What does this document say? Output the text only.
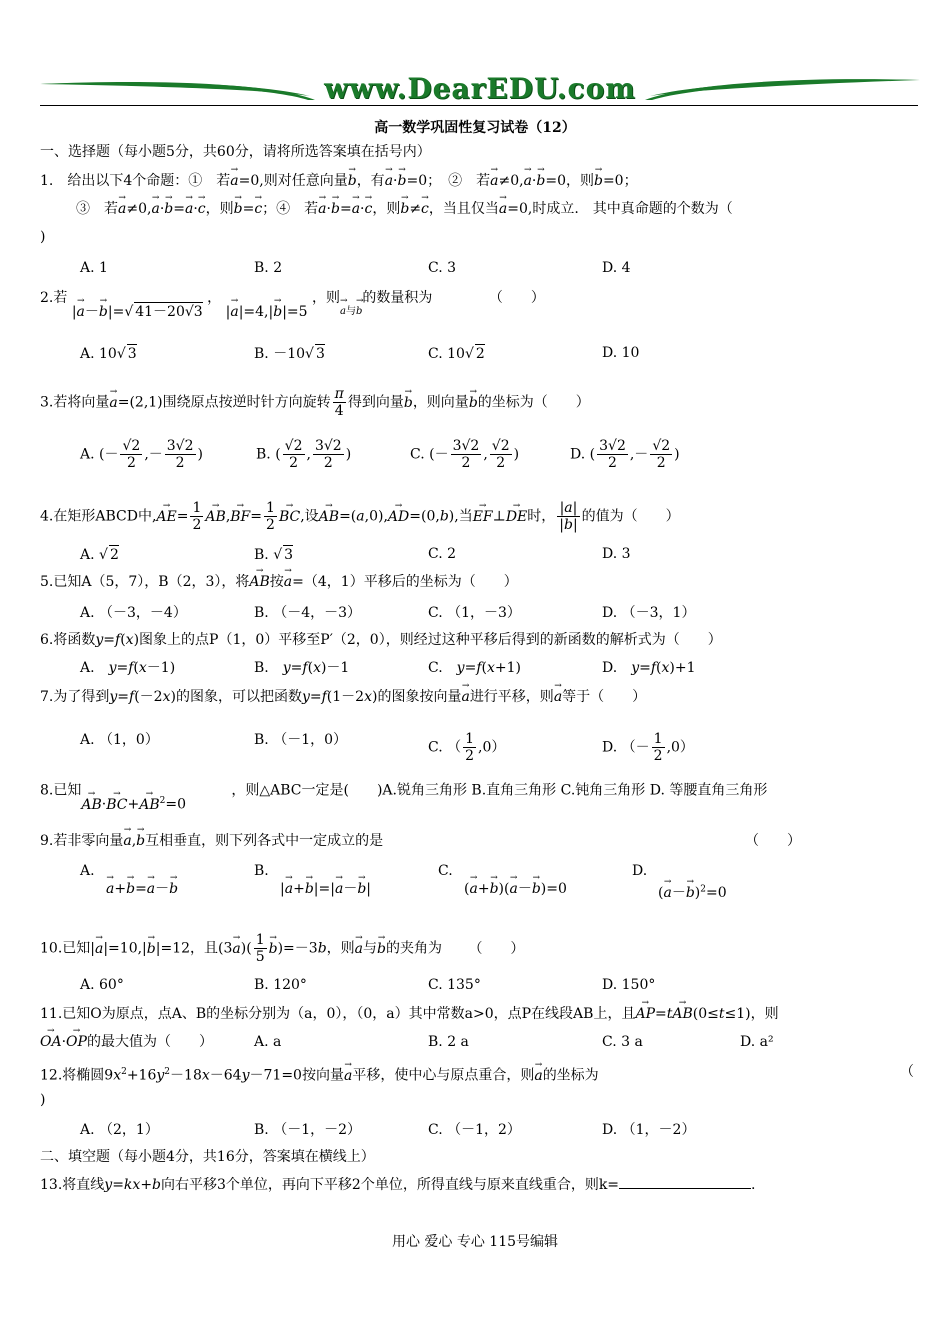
www.DearEDU.com
高一数学巩固性复习试卷（12）
一、选择题（每小题5分，共60分，请将所选答案填在括号内）
1.　给出以下4个命题：①　若→ a=0,则对任意向量→ b，有→ a·→ b=0；　②　若→ a≠0,→ a·→ b=0，则→ b=0；
③　若→ a≠0,→ a·→ b=→ a·→ c，则→ b=→ c；④　若→ a·→ b=→ a·→ c，则→ b≠→ c，当且仅当→ a=0,时成立.　其中真命题的个数为（
)
A. 1	B. 2	C. 3	D. 4
2.若 |→ a－→ b|=√ 41－20√3 ， |→ a|=4,|→ b|=5 ，则→ $_{a与\to b}$的数量积为	（　　）
A. 10√ 3	B. －10√ 3	C. 10√ 2	D. 10
3.若将向量→ a=(2,1)围绕原点按逆时针方向旋转 $\frac{\pi}{4}$ 得到向量→ b，则向量→ b的坐标为（　　）
A. (－ $\frac{√2}{2}$ ,－ $\frac{3√2}{2}$ )	B. ( $\frac{√2}{2}$ , $\frac{3√2}{2}$ )	C. (－ $\frac{3√2}{2}$ , $\frac{√2}{2}$ )	D. ( $\frac{3√2}{2}$ ,－ $\frac{√2}{2}$ )
4.在矩形ABCD中,→ $AE= \frac{1}{2}$
→ $AB,\to BF= \frac{1}{2}$
→ BC,设→ AB=(a,0),→ AD=(0,b),当→ EF⊥→ DE时， $\frac{|a|}{|b|}$ 的值为（　　）
A. √ 2	B. √ 3	C. 2	D. 3
5.已知A（5，7），B（2，3），将→ AB按→ a=（4，1）平移后的坐标为（　　）
A. （－3，－4）	B. （－4，－3）	C. （1，－3）	D. （－3，1）
6.将函数y=f(x)图象上的点P（1，0）平移至P′（2，0），则经过这种平移后得到的新函数的解析式为（　　）
A.　 y=f(x－1)	B.　 y=f(x)－1	C.　 y=f(x+1)	D.　 y=f(x)+1
7.为了得到y=f(－2x)的图象，可以把函数y=f(1－2x)的图象按向量→ a进行平移，则→ a等于（　　）
A. （1，0）	B. （－1，0）	C. （ $\frac{1}{2} ,0$）	D. （－ $\frac{1}{2} ,0$）
8.已知→ $AB\cdot\to BC+\to AB^2=0$，则△ABC一定是(　　)A.锐角三角形 B.直角三角形 C.钝角三角形 D. 等腰直角三角形
9.若非零向量→ a,→ b互相垂直，则下列各式中一定成立的是	（　　）
A.
→ a+→ b=→ a－→ b
B.
|→ a+→ b|=|→ a－→ b|
C.
(→ a+→ b)(→ a－→ b)=0
D.
(→ a－→ b)$^2$=0
10.已知|→ a|=10,|→ b|=12，且$(3\to a)( \frac{1}{5}$
→ b)=－3b，则→ a与→ b的夹角为 （　　）
A. 60°	B. 120°	C. 135°	D. 150°
11.已知O为原点，点A、B的坐标分别为（a，0），（0，a）其中常数a>0，点P在线段AB上，且→ AP=t→ AB(0≤t≤1)，则
→ OA·→ OP的最大值为（　　）	A. a	B. 2 a	C. 3 a	D. a²
12.将椭圆$9x^2+16y^2-18x-64y-71=0$按向量→ a平移，使中心与原点重合，则→ a的坐标为	（
)
A. （2，1）	B. （－1，－2）	C. （－1，2）	D. （1，－2）
二、填空题（每小题4分，共16分，答案填在横线上）
13.将直线y=kx+b向右平移3个单位，再向下平移2个单位，所得直线与原来直线重合，则k=	.
用心 爱心 专心 115号编辑
